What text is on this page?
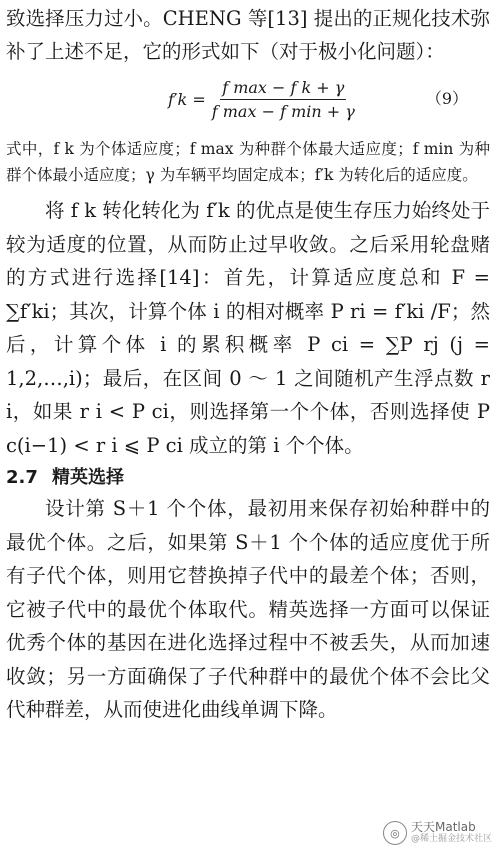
致选择压力过小。CHENG 等[13] 提出的正规化技术弥补了上述不足，它的形式如下（对于极小化问题）：

$f'k = \frac{\text{f max − f k + γ}}{\text{f max − f min + γ}}$	（9）

式中，f k 为个体适应度；f max 为种群个体最大适应度；f min 为种群个体最小适应度；γ 为车辆平均固定成本；f′k 为转化后的适应度。

将 f k 转化转化为 f′k 的优点是使生存压力始终处于较为适度的位置，从而防止过早收敛。之后采用轮盘赌的方式进行选择[14]：首先，计算适应度总和 F = ∑f′ki；其次，计算个体 i 的相对概率 P ri = f′ki /F；然后，计算个体 i 的累积概率 P ci = ∑P rj (j = 1,2,…,i)；最后，在区间 0 ～ 1 之间随机产生浮点数 r i，如果 r i < P ci，则选择第一个个体，否则选择使 P c(i−1) < r i ⩽ P ci 成立的第 i 个个体。

2.7 精英选择

设计第 S＋1 个个体，最初用来保存初始种群中的最优个体。之后，如果第 S＋1 个个体的适应度优于所有子代个体，则用它替换掉子代中的最差个体；否则，它被子代中的最优个体取代。精英选择一方面可以保证优秀个体的基因在进化选择过程中不被丢失，从而加速收敛；另一方面确保了子代种群中的最优个体不会比父代种群差，从而使进化曲线单调下降。

◎ 天天Matlab
@稀土掘金技术社区
